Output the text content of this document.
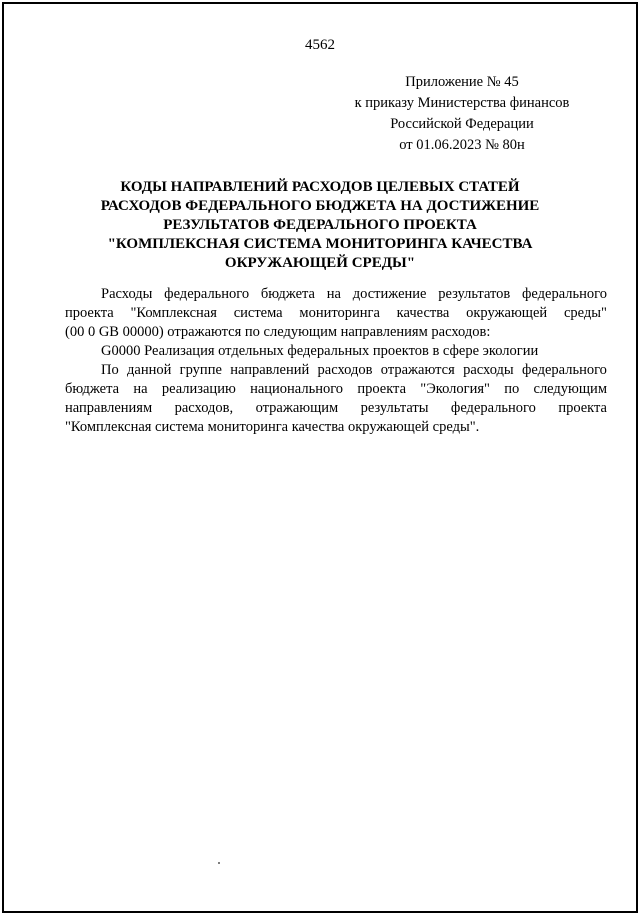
4562
Приложение № 45
к приказу Министерства финансов
Российской Федерации
от 01.06.2023 № 80н
КОДЫ НАПРАВЛЕНИЙ РАСХОДОВ ЦЕЛЕВЫХ СТАТЕЙ
РАСХОДОВ ФЕДЕРАЛЬНОГО БЮДЖЕТА НА ДОСТИЖЕНИЕ
РЕЗУЛЬТАТОВ ФЕДЕРАЛЬНОГО ПРОЕКТА
"КОМПЛЕКСНАЯ СИСТЕМА МОНИТОРИНГА КАЧЕСТВА
ОКРУЖАЮЩЕЙ СРЕДЫ"
Расходы федерального бюджета на достижение результатов федерального
проекта "Комплексная система мониторинга качества окружающей среды"
(00 0 GB 00000) отражаются по следующим направлениям расходов:
G0000 Реализация отдельных федеральных проектов в сфере экологии
По данной группе направлений расходов отражаются расходы федерального
бюджета на реализацию национального проекта "Экология" по следующим
направлениям расходов, отражающим результаты федерального проекта
"Комплексная система мониторинга качества окружающей среды".
